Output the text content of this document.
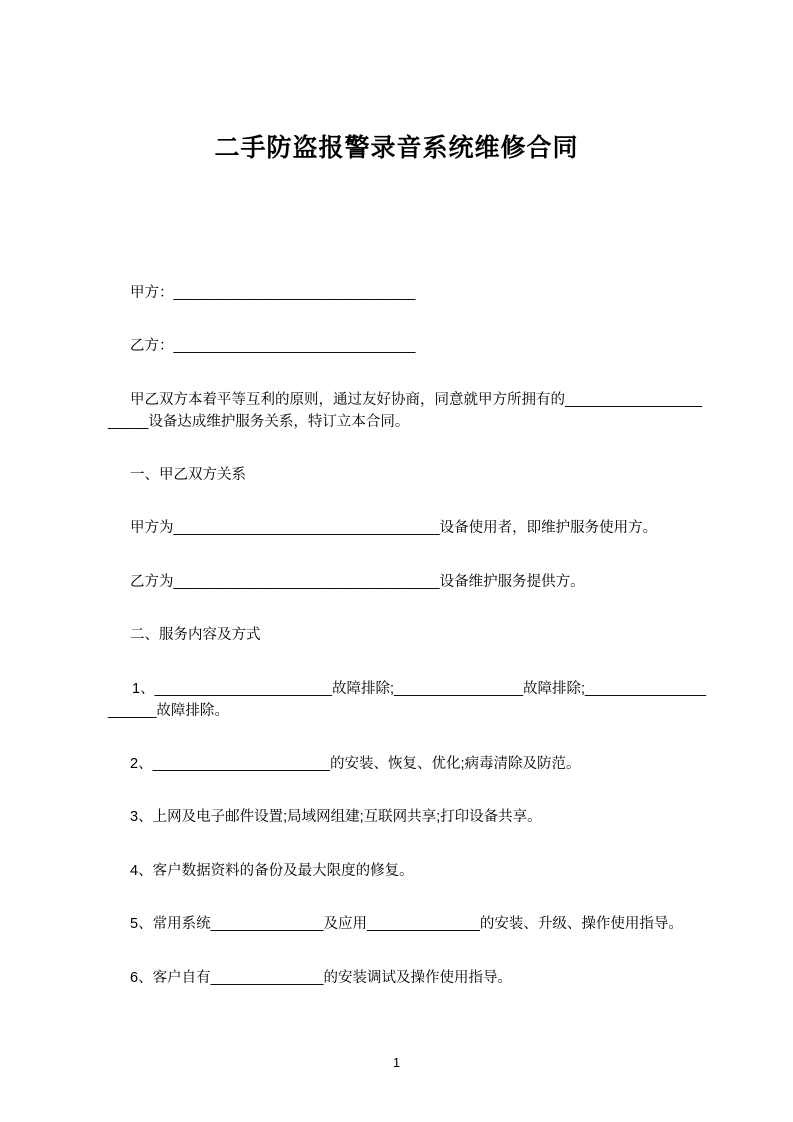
二手防盗报警录音系统维修合同

甲方：______________________________

乙方：______________________________

甲乙双方本着平等互利的原则，通过友好协商，同意就甲方所拥有的______________________设备达成维护服务关系，特订立本合同。

一、甲乙双方关系

甲方为_________________________________设备使用者，即维护服务使用方。

乙方为_________________________________设备维护服务提供方。

二、服务内容及方式

1、______________________故障排除;________________故障排除;_____________________故障排除。

2、______________________的安装、恢复、优化;病毒清除及防范。

3、上网及电子邮件设置;局域网组建;互联网共享;打印设备共享。

4、客户数据资料的备份及最大限度的修复。

5、常用系统______________及应用______________的安装、升级、操作使用指导。

6、客户自有______________的安装调试及操作使用指导。

1
